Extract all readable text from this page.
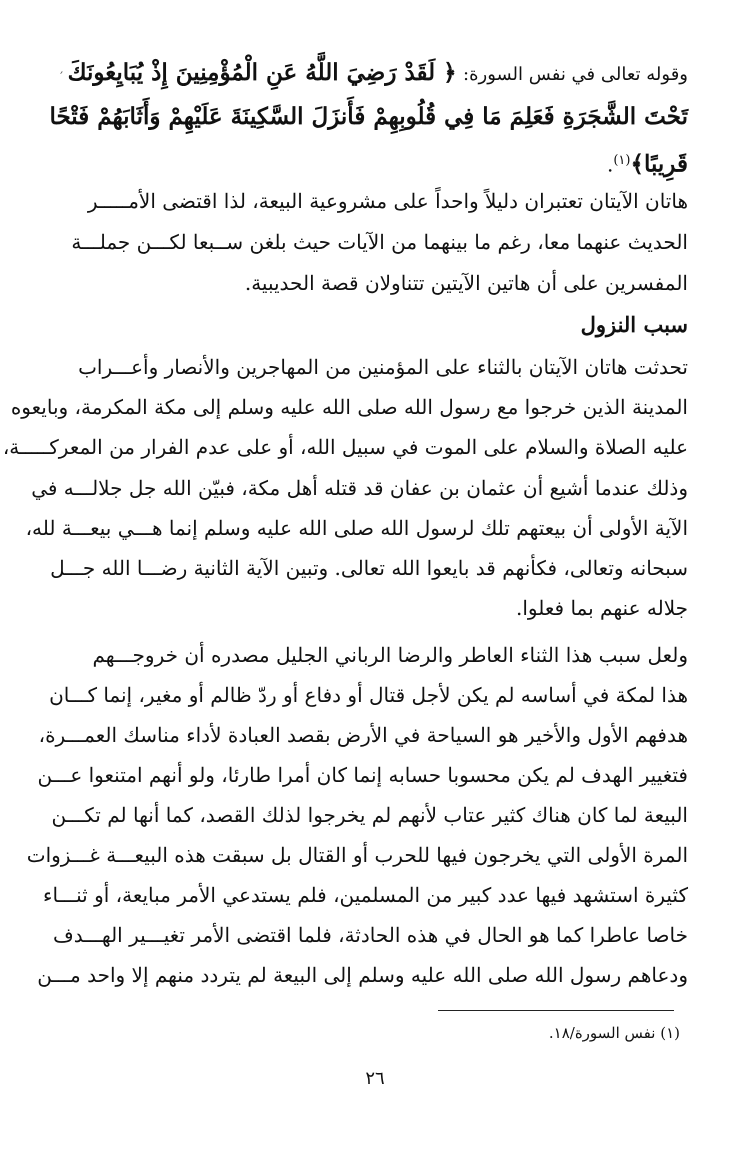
′	وقوله تعالى في نفس السورة: ﴿ لَقَدْ رَضِيَ اللَّهُ عَنِ الْمُؤْمِنِينَ إِذْ يُبَايِعُونَكَ
تَحْتَ الشَّجَرَةِ فَعَلِمَ مَا فِي قُلُوبِهِمْ فَأَنزَلَ السَّكِينَةَ عَلَيْهِمْ وَأَثَابَهُمْ فَتْحًا
قَرِيبًا﴾$^{(١)}$.
هاتان الآيتان تعتبران دليلاً واحداً على مشروعية البيعة، لذا اقتضى الأمـــــر
الحديث عنهما معا، رغم ما بينهما من الآيات حيث بلغن ســبعا لكـــن جملـــة
المفسرين على أن هاتين الآيتين تتناولان قصة الحديبية.
سبب النزول
تحدثت هاتان الآيتان بالثناء على المؤمنين من المهاجرين والأنصار وأعـــراب
المدينة الذين خرجوا مع رسول الله صلى الله عليه وسلم إلى مكة المكرمة، وبايعوه
عليه الصلاة والسلام على الموت في سبيل الله، أو على عدم الفرار من المعركـــــة،
وذلك عندما أشيع أن عثمان بن عفان قد قتله أهل مكة، فبيّن الله جل جلالـــه في
الآية الأولى أن بيعتهم تلك لرسول الله صلى الله عليه وسلم إنما هـــي بيعـــة لله،
سبحانه وتعالى، فكأنهم قد بايعوا الله تعالى. وتبين الآية الثانية رضـــا الله جـــل
جلاله عنهم بما فعلوا.
ولعل سبب هذا الثناء العاطر والرضا الرباني الجليل مصدره أن خروجـــهم
هذا لمكة في أساسه لم يكن لأجل قتال أو دفاع أو ردّ ظالم أو مغير، إنما كـــان
هدفهم الأول والأخير هو السياحة في الأرض بقصد العبادة لأداء مناسك العمـــرة،
فتغيير الهدف لم يكن محسوبا حسابه إنما كان أمرا طارئا، ولو أنهم امتنعوا عـــن
البيعة لما كان هناك كثير عتاب لأنهم لم يخرجوا لذلك القصد، كما أنها لم تكـــن
المرة الأولى التي يخرجون فيها للحرب أو القتال بل سبقت هذه البيعـــة غـــزوات
كثيرة استشهد فيها عدد كبير من المسلمين، فلم يستدعي الأمر مبايعة، أو ثنـــاء
خاصا عاطرا كما هو الحال في هذه الحادثة، فلما اقتضى الأمر تغيـــير الهـــدف
ودعاهم رسول الله صلى الله عليه وسلم إلى البيعة لم يتردد منهم إلا واحد مـــن
(١) نفس السورة/١٨.
٢٦
